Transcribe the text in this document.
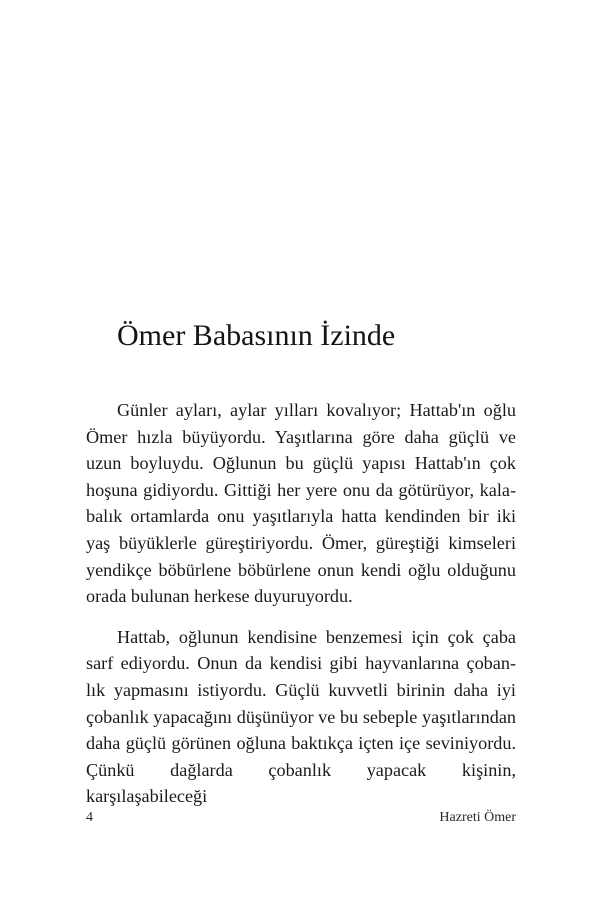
Ömer Babasının İzinde
Günler ayları, aylar yılları kovalıyor; Hattab'ın oğlu
Ömer hızla büyüyordu. Yaşıtlarına göre daha güçlü ve
uzun boyluydu. Oğlunun bu güçlü yapısı Hattab'ın çok
hoşuna gidiyordu. Gittiği her yere onu da götürüyor, kala-
balık ortamlarda onu yaşıtlarıyla hatta kendinden bir iki
yaş büyüklerle güreştiriyordu. Ömer, güreştiği kimseleri
yendikçe böbürlene böbürlene onun kendi oğlu olduğunu
orada bulunan herkese duyuruyordu.
Hattab, oğlunun kendisine benzemesi için çok çaba
sarf ediyordu. Onun da kendisi gibi hayvanlarına çoban-
lık yapmasını istiyordu. Güçlü kuvvetli birinin daha iyi
çobanlık yapacağını düşünüyor ve bu sebeple yaşıtlarından
daha güçlü görünen oğluna baktıkça içten içe seviniyordu.
Çünkü dağlarda çobanlık yapacak kişinin, karşılaşabileceği
4	Hazreti Ömer
